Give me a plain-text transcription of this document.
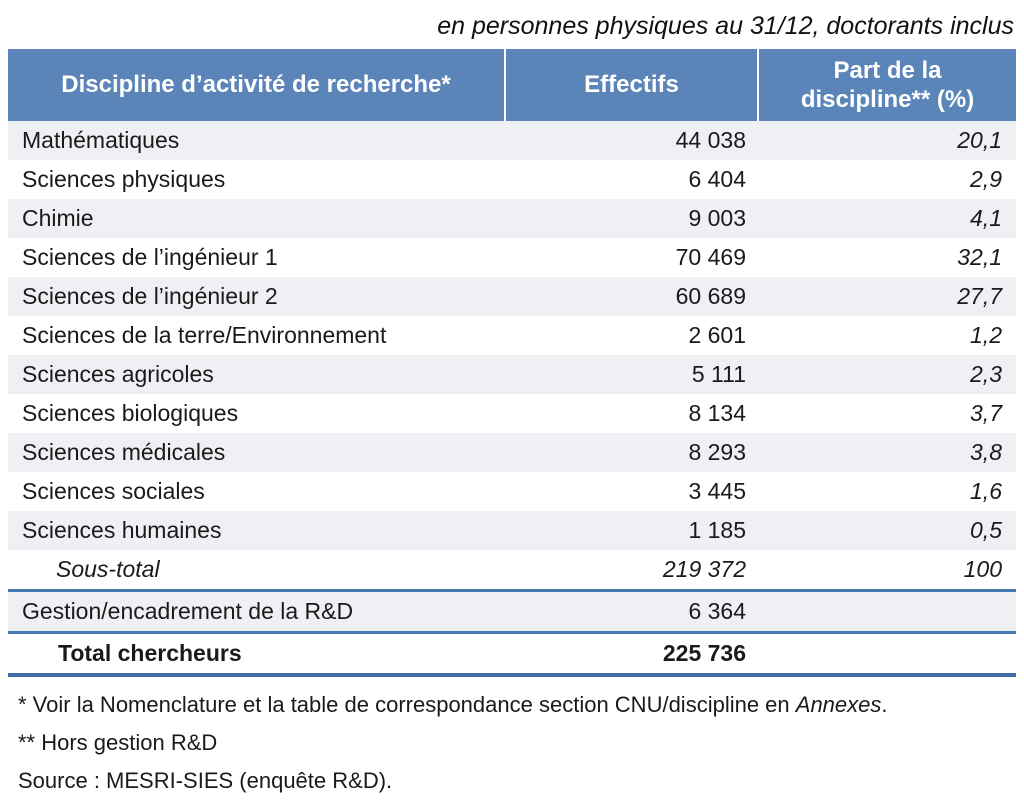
en personnes physiques au 31/12, doctorants inclus
Discipline d’activité de recherche*	Effectifs	Part de la discipline** (%)
Mathématiques	44 038	20,1
Sciences physiques	6 404	2,9
Chimie	9 003	4,1
Sciences de l’ingénieur 1	70 469	32,1
Sciences de l’ingénieur 2	60 689	27,7
Sciences de la terre/Environnement	2 601	1,2
Sciences agricoles	5 111	2,3
Sciences biologiques	8 134	3,7
Sciences médicales	8 293	3,8
Sciences sociales	3 445	1,6
Sciences humaines	1 185	0,5
Sous-total	219 372	100
Gestion/encadrement de la R&D	6 364	
Total chercheurs	225 736	

* Voir la Nomenclature et la table de correspondance section CNU/discipline en Annexes.

** Hors gestion R&D

Source : MESRI-SIES (enquête R&D).
